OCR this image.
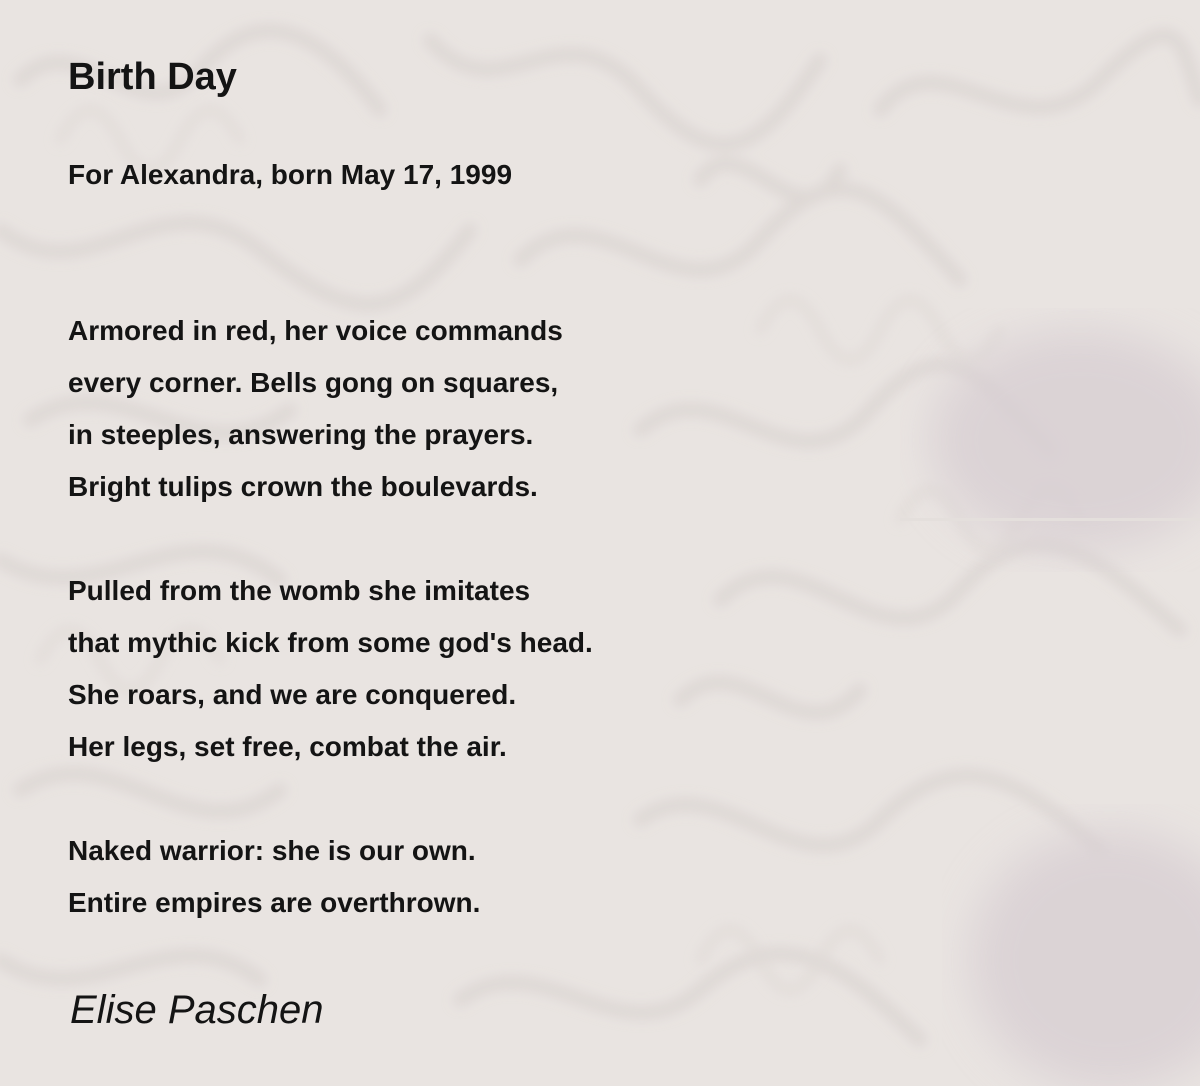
Birth Day

For Alexandra, born May 17, 1999

Armored in red, her voice commands
every corner. Bells gong on squares,
in steeples, answering the prayers.
Bright tulips crown the boulevards.
Pulled from the womb she imitates
that mythic kick from some god's head.
She roars, and we are conquered.
Her legs, set free, combat the air.
Naked warrior: she is our own.
Entire empires are overthrown.

Elise Paschen
